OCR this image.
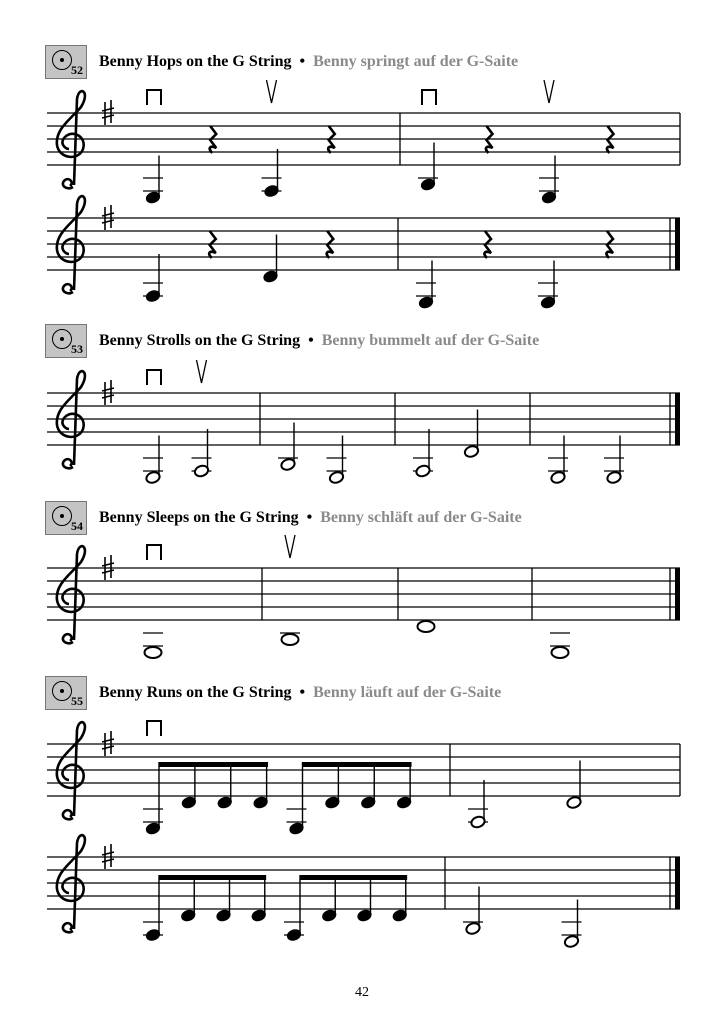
52 Benny Hops on the G String • Benny springt auf der G-Saite
53 Benny Strolls on the G String • Benny bummelt auf der G-Saite
54 Benny Sleeps on the G String • Benny schläft auf der G-Saite
55 Benny Runs on the G String • Benny läuft auf der G-Saite
42
